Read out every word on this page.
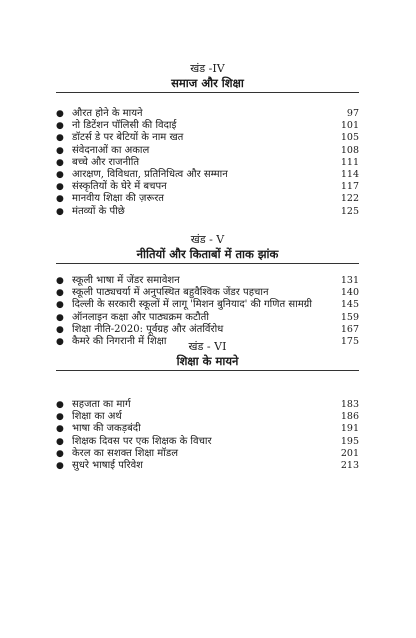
खंड -IV
समाज और शिक्षा
● औरत होने के मायने	97
● नो डिटेंशन पॉलिसी की विदाई	101
● डॉटर्स डे पर बेटियों के नाम खत	105
● संवेदनाओं का अकाल	108
● बच्चे और राजनीति	111
● आरक्षण, विविधता, प्रतिनिधित्व और सम्मान	114
● संस्कृतियों के घेरे में बचपन	117
● मानवीय शिक्षा की ज़रूरत	122
● मंतव्यों के पीछे	125
खंड - V
नीतियों और किताबों में ताक झांक
● स्कूली भाषा में जेंडर समावेशन	131
● स्कूली पाठ्यचर्या में अनुपस्थित बहुवैश्विक जेंडर पहचान	140
● दिल्ली के सरकारी स्कूलों में लागू 'मिशन बुनियाद' की गणित सामग्री	145
● ऑनलाइन कक्षा और पाठ्यक्रम कटौती	159
● शिक्षा नीति-2020: पूर्वग्रह और अंतर्विरोध	167
● कैमरे की निगरानी में शिक्षा	175
खंड - VI
शिक्षा के मायने
● सहजता का मार्ग	183
● शिक्षा का अर्थ	186
● भाषा की जकड़बंदी	191
● शिक्षक दिवस पर एक शिक्षक के विचार	195
● केरल का सशक्त शिक्षा मॉडल	201
● सुधरे भाषाई परिवेश	213
